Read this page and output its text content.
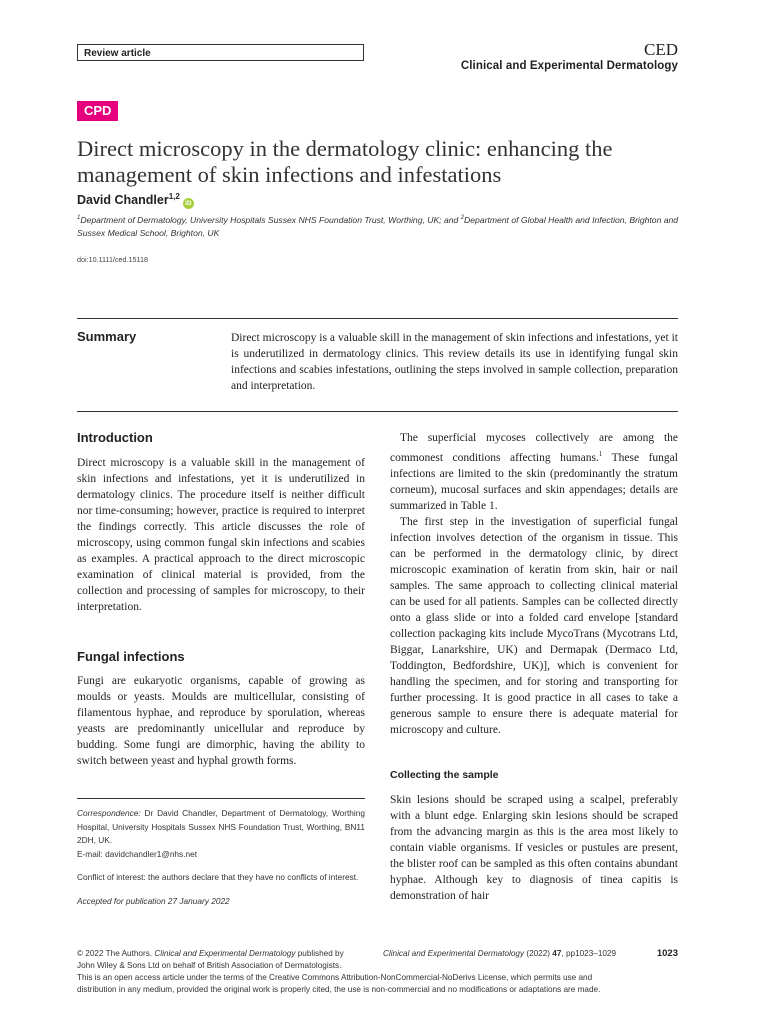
Review article	CED
Clinical and Experimental Dermatology
CPD
Direct microscopy in the dermatology clinic: enhancing the management of skin infections and infestations
David Chandler$^{1,2}$iD
$^1$Department of Dermatology, University Hospitals Sussex NHS Foundation Trust, Worthing, UK; and $^2$Department of Global Health and Infection, Brighton and Sussex Medical School, Brighton, UK
doi:10.1111/ced.15118
Summary	Direct microscopy is a valuable skill in the management of skin infections and infestations, yet it is underutilized in dermatology clinics. This review details its use in identifying fungal skin infections and scabies infestations, outlining the steps involved in sample collection, preparation and interpretation.
Introduction

Direct microscopy is a valuable skill in the management of skin infections and infestations, yet it is underutilized in dermatology clinics. The procedure itself is neither difficult nor time-consuming; however, practice is required to interpret the findings correctly. This article discusses the role of microscopy, using common fungal skin infections and scabies as examples. A practical approach to the direct microscopic examination of clinical material is provided, from the collection and processing of samples for microscopy, to their interpretation.

Fungal infections

Fungi are eukaryotic organisms, capable of growing as moulds or yeasts. Moulds are multicellular, consisting of filamentous hyphae, and reproduce by sporulation, whereas yeasts are predominantly unicellular and reproduce by budding. Some fungi are dimorphic, having the ability to switch between yeast and hyphal growth forms.

Correspondence: Dr David Chandler, Department of Dermatology, Worthing Hospital, University Hospitals Sussex NHS Foundation Trust, Worthing, BN11 2DH, UK.

E-mail: davidchandler1@nhs.net

Conflict of interest: the authors declare that they have no conflicts of interest.

Accepted for publication 27 January 2022

The superficial mycoses collectively are among the commonest conditions affecting humans.$^1$ These fungal infections are limited to the skin (predominantly the stratum corneum), mucosal surfaces and skin appendages; details are summarized in Table 1.

The first step in the investigation of superficial fungal infection involves detection of the organism in tissue. This can be performed in the dermatology clinic, by direct microscopic examination of keratin from skin, hair or nail samples. The same approach to collecting clinical material can be used for all patients. Samples can be collected directly onto a glass slide or into a folded card envelope [standard collection packaging kits include MycoTrans (Mycotrans Ltd, Biggar, Lanarkshire, UK) and Dermapak (Dermaco Ltd, Toddington, Bedfordshire, UK)], which is convenient for handling the specimen, and for storing and transporting for further processing. It is good practice in all cases to take a generous sample to ensure there is adequate material for microscopy and culture.

Collecting the sample

Skin lesions should be scraped using a scalpel, preferably with a blunt edge. Enlarging skin lesions should be scraped from the advancing margin as this is the area most likely to contain viable organisms. If vesicles or pustules are present, the blister roof can be sampled as this often contains abundant hyphae. Although key to diagnosis of tinea capitis is demonstration of hair

© 2022 The Authors. Clinical and Experimental Dermatology published by
John Wiley & Sons Ltd on behalf of British Association of Dermatologists.
This is an open access article under the terms of the Creative Commons Attribution-NonCommercial-NoDerivs License, which permits use and
distribution in any medium, provided the original work is properly cited, the use is non-commercial and no modifications or adaptations are made.
Clinical and Experimental Dermatology (2022) 47, pp1023–1029	1023
